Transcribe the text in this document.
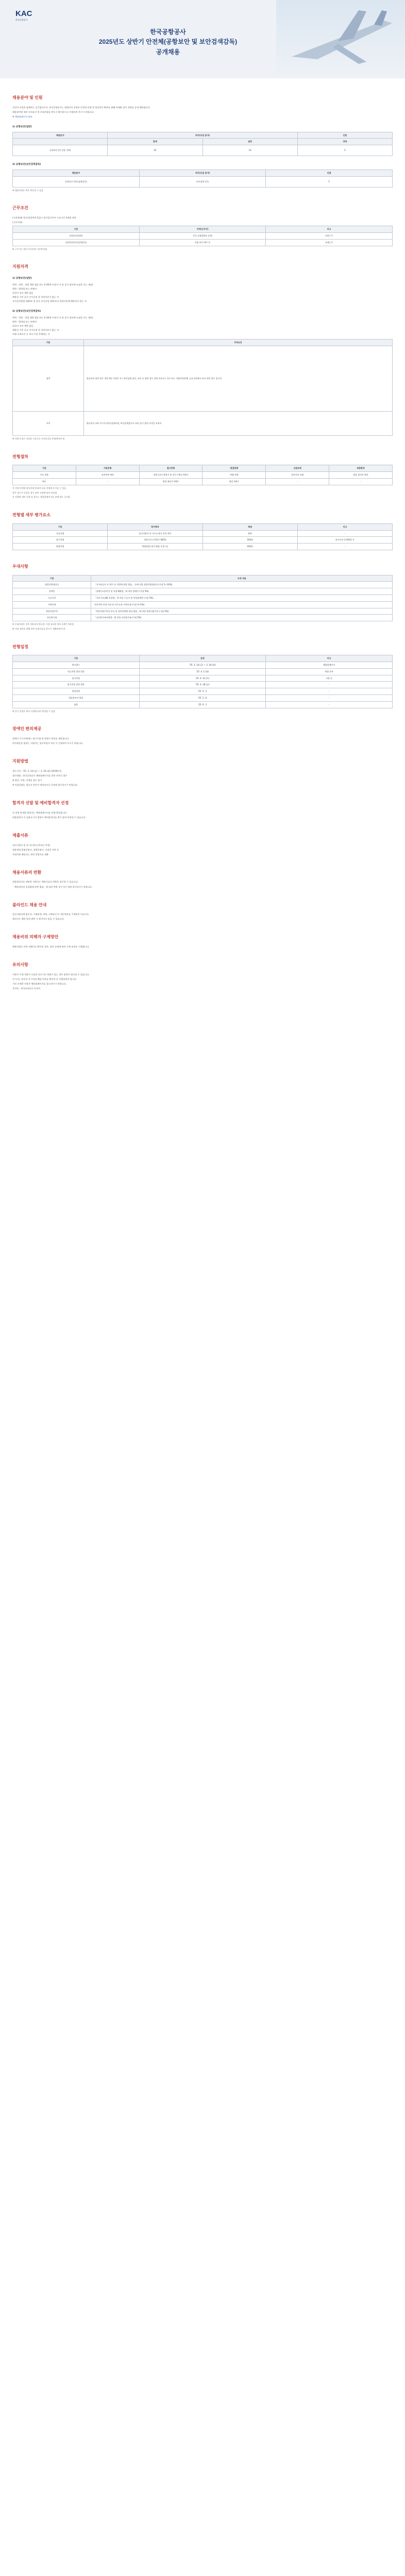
KAC
한국공항공사
한국공항공사
2025년도 상반기 안전체(공항보안 및 보안검색감독)
공개채용
채용분야 및 인원

국민의 안전과 함께하는 공기업으로서, 한국공항공사는 대한민국 공항의 안전한 운영 및 항공보안 확보를 위해 아래와 같이 직원을 공개 채용합니다.

채용분야별 세부 자격요건 및 우대사항을 반드시 확인하시고 지원하여 주시기 바랍니다.

※ 채용홈페이지 참조

1) 공항보안(일반)
채용분야	직무(모집 분야)		인원
	합계	일반	장애
공항보안 (전 공항 지역)	15	13	2
2) 공항보안(보안검색감독)
채용분야	직무(모집 분야)	인원
공항보안 (보안검색감독)	보안검색 감독	5
※ 채용인원은 추후 변동될 수 있음
근무조건

(고용형태) 정규직(일반직 5급) / 입사일로부터 수습기간 3개월 적용

(근무지역)

구분	지역(근무지)	비고
공항보안(일반)	전국 공항(14개 공항)	순환근무
공항보안(보안검색감독)	서울·부산·제주 등	교대근무
※ 근무지는 회사 인사운영 기준에 따름
지원자격
1) 공항보안(일반)
학력 · 연령 · 성별 제한 없음 (단, 만 60세 이상인 자 및 공사 정년에 도달한 자는 제외)
병역 : 병역필 또는 면제자
외국어 성적 제한 없음
채용일 기준 공사 인사규정 상 결격사유가 없는 자
국가공무원법 제33조 및 공사 인사규정 제11조의 결격사유에 해당하지 않는 자
2) 공항보안(보안검색감독)
학력 · 연령 · 성별 제한 없음 (단, 만 60세 이상인 자 및 공사 정년에 도달한 자는 제외)
병역 : 병역필 또는 면제자
외국어 성적 제한 없음
채용일 기준 공사 인사규정 상 결격사유가 없는 자
아래 자격요건 중 하나 이상 충족하는 자
구분	자격요건
경력	항공보안 관련 업무 경력 3년 이상인 자 / 보안검색 감독, 교육 등 관련 업무 경력 보유자 / 국가 또는 지방자치단체, 공공기관에서 보안 관련 업무 종사자
자격	항공보안 교육 이수자 (보안검색요원, 보안검색감독자 교육 등) / 관련 자격증 보유자
※ 지원서 접수 마감일 기준으로 자격요건을 충족하여야 함
전형절차
구분	서류전형	필기전형	면접전형	신원조회	최종합격
주요 내용	적격여부 판단	직업기초능력평가 및 직무수행능력평가	역량 면접	결격사유 조회	최종 합격자 발표
배수	-	면접 대상자 3배수	최종 1배수	-	-
각 전형 단계별 합격자에 한하여 다음 전형에 응시할 수 있음
평가 점수가 동점인 경우 관련 규정에 따라 처리함
각 전형별 세부 일정 및 장소는 채용홈페이지를 통해 별도 공지함
전형별 세부 평가요소
구분	평가항목	배점	비고
서류전형	입사지원서 및 자기소개서 적격 여부	적/부	-
필기전형	직업기초능력평가 (NCS)	100점	의사소통·문제해결 등
면접전형	역량면접 (직무역량, 인성 등)	100점	-
우대사항
구분	우대 내용
취업지원대상자	「국가유공자 등 예우 및 지원에 관한 법률」 등에 의한 취업지원대상자 (가점 5~10%)
장애인	「장애인고용촉진 및 직업재활법」에 의한 장애인 (가점 5%)
저소득층	「국민기초생활 보장법」에 의한 수급자 및 차상위계층 (가점 5%)
지역인재	이전지역 인재 가점 및 비수도권 지역인재 (가점 3~5%)
북한이탈주민	「북한이탈주민의 보호 및 정착지원에 관한 법률」에 의한 북한이탈주민 (가점 5%)
다문화가족	「다문화가족지원법」에 의한 다문화가족 (가점 5%)
※ 우대사항은 중복 적용되지 않으며, 가장 유리한 항목 1개만 적용함
※ 가점 적용을 위해 관련 증빙서류를 반드시 제출하여야 함
전형일정
구분	일정	비고
원서접수	'25. 3. 14.(금) ~ 3. 24.(월)	채용홈페이지
서류전형 결과 발표	'25. 4. 1.(화)	개별 통보
필기전형	'25. 4. 12.(토)	서울 등
필기전형 결과 발표	'25. 4. 18.(금)	-
면접전형	'25. 5. 중	-
최종합격자 발표	'25. 5. 말	-
임용	'25. 6. 중	-
※ 상기 일정은 회사 사정에 따라 변경될 수 있음
장애인 편의제공

장애인 응시자에게는 필기시험 및 면접시 편의를 제공합니다.

편의제공을 원하는 지원자는 입사지원서 작성 시 신청하여 주시기 바랍니다.

지원방법

접수기간 : '25. 3. 14.(금) ~ 3. 24.(월) 18:00까지

접수방법 : 한국공항공사 채용홈페이지를 통한 온라인 접수

※ 방문, 우편, 이메일 접수 불가

※ 마감일에는 접속자 폭주가 예상되므로 사전에 접수하시기 바랍니다.

합격자 선발 및 예비합격자 선정

각 전형 단계별 합격자는 채용홈페이지를 통해 발표합니다.

최종합격자 중 임용포기자 발생시 예비합격자를 추가 합격 처리할 수 있습니다.

제출서류

입사지원서 및 자기소개서 (온라인 작성)

최종학력 졸업증명서, 경력증명서, 자격증 사본 등

우대사항 해당자는 관련 증빙서류 제출

채용서류의 반환

최종합격자를 제외한 지원자는 채용서류의 반환을 청구할 수 있습니다.

「채용절차의 공정화에 관한 법률」에 따라 반환 청구기간 내에 청구하시기 바랍니다.

블라인드 채용 안내

입사지원서에 출신지, 가족관계, 학력, 신체조건 등 개인정보를 기재하지 마십시오.

블라인드 채용 원칙 위반 시 불이익이 있을 수 있습니다.

채용비위 피해자 구제방안

채용비위로 인한 피해자로 확인된 경우, 관련 규정에 따라 구제 조치를 시행합니다.

유의사항

지원서 기재 내용이 사실과 다르거나 허위가 있는 경우 합격이 취소될 수 있습니다.

응시자는 본인의 응시자격 해당 여부를 확인한 후 지원하여야 합니다.

기타 자세한 사항은 채용홈페이지를 참고하시기 바랍니다.

문의처 : 한국공항공사 인사처
